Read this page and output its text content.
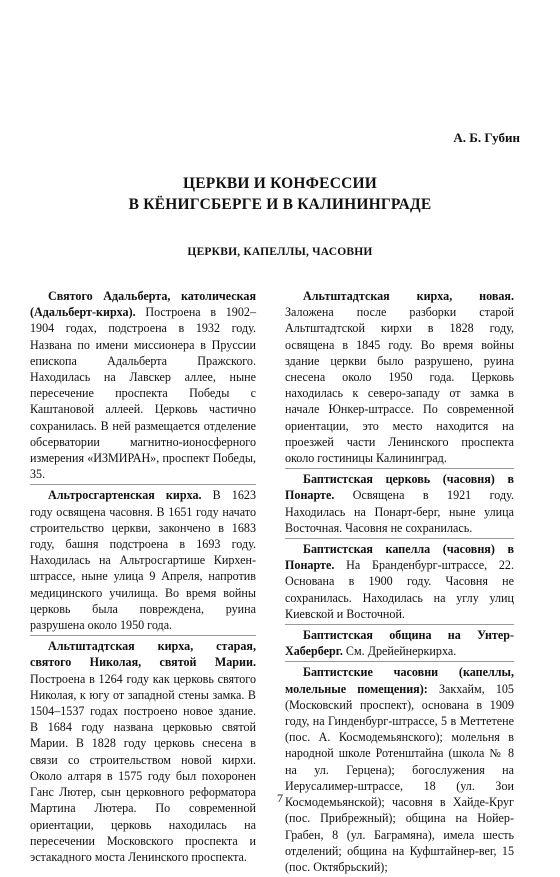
А. Б. Губин
ЦЕРКВИ И КОНФЕССИИ
В КЁНИГСБЕРГЕ И В КАЛИНИНГРАДЕ
ЦЕРКВИ, КАПЕЛЛЫ, ЧАСОВНИ

Святого Адальберта, католическая (Адальберт-кирха). Построена в 1902–1904 годах, подстроена в 1932 году. Названа по имени миссионера в Пруссии епископа Адальберта Пражского. Находилась на Лавскер аллее, ныне пересечение проспекта Победы с Каштановой аллеей. Церковь частично сохранилась. В ней размещается отделение обсерватории магнитно-ионосферного измерения «ИЗМИРАН», проспект Победы, 35.

Альтросгартенская кирха. В 1623 году освящена часовня. В 1651 году начато строительство церкви, закончено в 1683 году, башня подстроена в 1693 году. Находилась на Альтросгартише Кирхен-штрассе, ныне улица 9 Апреля, напротив медицинского училища. Во время войны церковь была повреждена, руина разрушена около 1950 года.

Альтштадтская кирха, старая, святого Николая, святой Марии. Построена в 1264 году как церковь святого Николая, к югу от западной стены замка. В 1504–1537 годах построено новое здание. В 1684 году названа церковью святой Марии. В 1828 году церковь снесена в связи со строительством новой кирхи. Около алтаря в 1575 году был похоронен Ганс Лютер, сын церковного реформатора Мартина Лютера. По современной ориентации, церковь находилась на пересечении Московского проспекта и эстакадного моста Ленинского проспекта.

Альтштадтская кирха, новая. Заложена после разборки старой Альтштадтской кирхи в 1828 году, освящена в 1845 году. Во время войны здание церкви было разрушено, руина снесена около 1950 года. Церковь находилась к северо-западу от замка в начале Юнкер-штрассе. По современной ориентации, это место находится на проезжей части Ленинского проспекта около гостиницы Калининград.

Баптистская церковь (часовня) в Понарте. Освящена в 1921 году. Находилась на Понарт-берг, ныне улица Восточная. Часовня не сохранилась.

Баптистская капелла (часовня) в Понарте. На Бранденбург-штрассе, 22. Основана в 1900 году. Часовня не сохранилась. Находилась на углу улиц Киевской и Восточной.

Баптистская община на Унтер-Хаберберг. См. Дрейейнеркирха.

Баптистские часовни (капеллы, молельные помещения): Закхайм, 105 (Московский проспект), основана в 1909 году, на Гинденбург-штрассе, 5 в Меттетене (пос. А. Космодемьянского); молельня в народной школе Ротенштайна (школа № 8 на ул. Герцена); богослужения на Иерусалимер-штрассе, 18 (ул. Зои Космодемьянской); часовня в Хайде-Круг (пос. Прибрежный); община на Нойер-Грабен, 8 (ул. Баграмяна), имела шесть отделений; община на Куфштайнер-вег, 15 (пос. Октябрьский);

7
